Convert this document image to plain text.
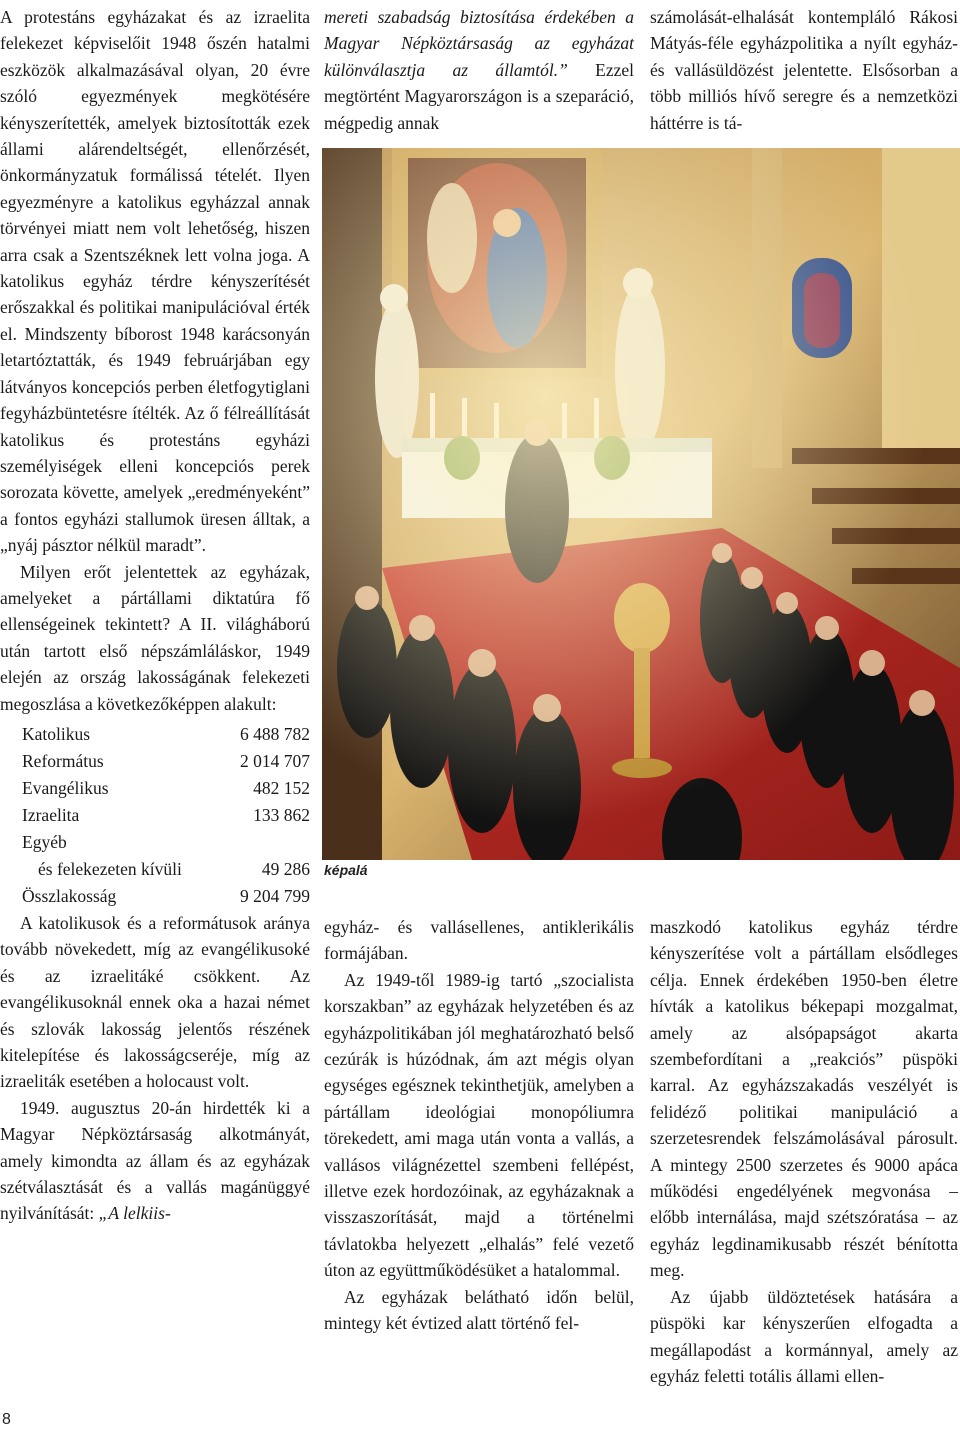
A protestáns egyházakat és az izraelita felekezet képviselőit 1948 őszén hatalmi eszközök alkalmazásával olyan, 20 évre szóló egyezmények megkötésére kényszerítették, amelyek biztosították ezek állami alárendeltségét, ellenőrzését, önkormányzatuk formálissá tételét. Ilyen egyezményre a katolikus egyházzal annak törvényei miatt nem volt lehetőség, hiszen arra csak a Szentszéknek lett volna joga. A katolikus egyház térdre kényszerítését erőszakkal és politikai manipulációval érték el. Mindszenty bíborost 1948 karácsonyán letartóztatták, és 1949 februárjában egy látványos koncepciós perben életfogytiglani fegyházbüntetésre ítélték. Az ő félreállítását katolikus és protestáns egyházi személyiségek elleni koncepciós perek sorozata követte, amelyek „eredményeként” a fontos egyházi stallumok üresen álltak, a „nyáj pásztor nélkül maradt”.

Milyen erőt jelentettek az egyházak, amelyeket a pártállami diktatúra fő ellenségeinek tekintett? A II. világháború után tartott első népszámláláskor, 1949 elején az ország lakosságának felekezeti megoszlása a következőképpen alakult:

Katolikus	6 488 782
Református	2 014 707
Evangélikus	482 152
Izraelita	133 862
Egyéb	
és felekezeten kívüli	49 286
Összlakosság	9 204 799

A katolikusok és a reformátusok aránya tovább növekedett, míg az evangélikusoké és az izraelitáké csökkent. Az evangélikusoknál ennek oka a hazai német és szlovák lakosság jelentős részének kitelepítése és lakosságcseréje, míg az izraeliták esetében a holocaust volt.

1949. augusztus 20-án hirdették ki a Magyar Népköztársaság alkotmányát, amely kimondta az állam és az egyházak szétválasztását és a vallás magánüggyé nyilvánítását: „A lelkiis-

mereti szabadság biztosítása érdekében a Magyar Népköztársaság az egyházat különválasztja az államtól.” Ezzel megtörtént Magyarországon is a szeparáció, mégpedig annak

számolását-elhalását kontempláló Rákosi Mátyás-féle egyházpolitika a nyílt egyház- és vallásüldözést jelentette. Elsősorban a több milliós hívő seregre és a nemzetközi háttérre is tá-

képalá

egyház- és vallásellenes, antiklerikális formájában.

Az 1949-től 1989-ig tartó „szocialista korszakban” az egyházak helyzetében és az egyházpolitikában jól meghatározható belső cezúrák is húzódnak, ám azt mégis olyan egységes egésznek tekinthetjük, amelyben a pártállam ideológiai monopóliumra törekedett, ami maga után vonta a vallás, a vallásos világnézettel szembeni fellépést, illetve ezek hordozóinak, az egyházaknak a visszaszorítását, majd a történelmi távlatokba helyezett „elhalás” felé vezető úton az együttműködésüket a hatalommal.

Az egyházak belátható időn belül, mintegy két évtized alatt történő fel-

maszkodó katolikus egyház térdre kényszerítése volt a pártállam elsődleges célja. Ennek érdekében 1950-ben életre hívták a katolikus békepapi mozgalmat, amely az alsópapságot akarta szembefordítani a „reakciós” püspöki karral. Az egyházszakadás veszélyét is felidéző politikai manipuláció a szerzetesrendek felszámolásával párosult. A mintegy 2500 szerzetes és 9000 apáca működési engedélyének megvonása – előbb internálása, majd szétszóratása – az egyház legdinamikusabb részét bénította meg.

Az újabb üldöztetések hatására a püspöki kar kényszerűen elfogadta a megállapodást a kormánnyal, amely az egyház feletti totális állami ellen-

8
